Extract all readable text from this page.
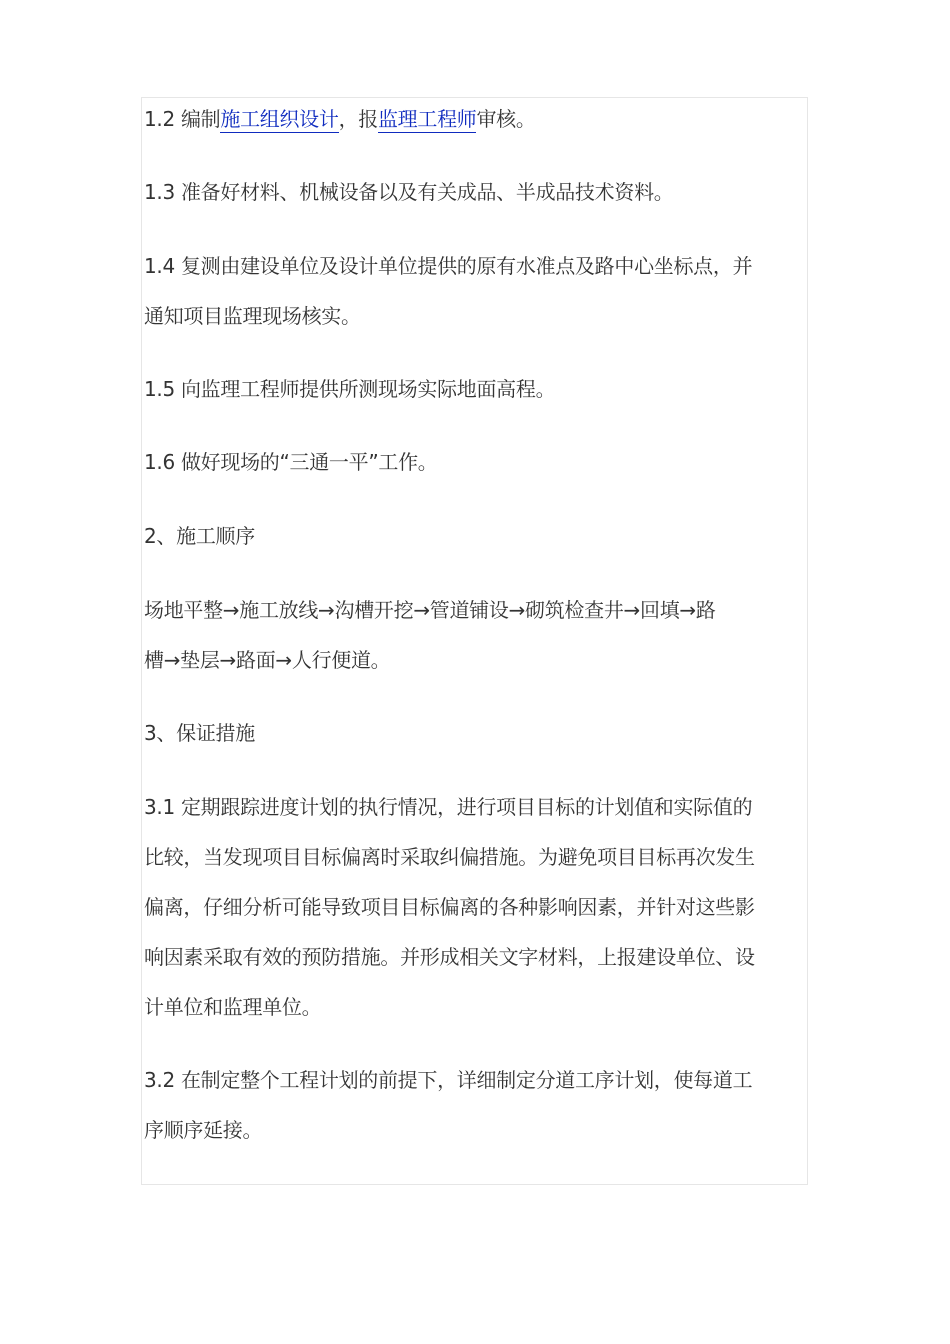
1.2 编制施工组织设计，报监理工程师审核。

1.3 准备好材料、机械设备以及有关成品、半成品技术资料。

1.4 复测由建设单位及设计单位提供的原有水准点及路中心坐标点，并
通知项目监理现场核实。

1.5 向监理工程师提供所测现场实际地面高程。

1.6 做好现场的“三通一平”工作。

2、施工顺序

场地平整→施工放线→沟槽开挖→管道铺设→砌筑检查井→回填→路
槽→垫层→路面→人行便道。

3、保证措施

3.1 定期跟踪进度计划的执行情况，进行项目目标的计划值和实际值的
比较，当发现项目目标偏离时采取纠偏措施。为避免项目目标再次发生
偏离，仔细分析可能导致项目目标偏离的各种影响因素，并针对这些影
响因素采取有效的预防措施。并形成相关文字材料，上报建设单位、设
计单位和监理单位。

3.2 在制定整个工程计划的前提下，详细制定分道工序计划，使每道工
序顺序延接。
